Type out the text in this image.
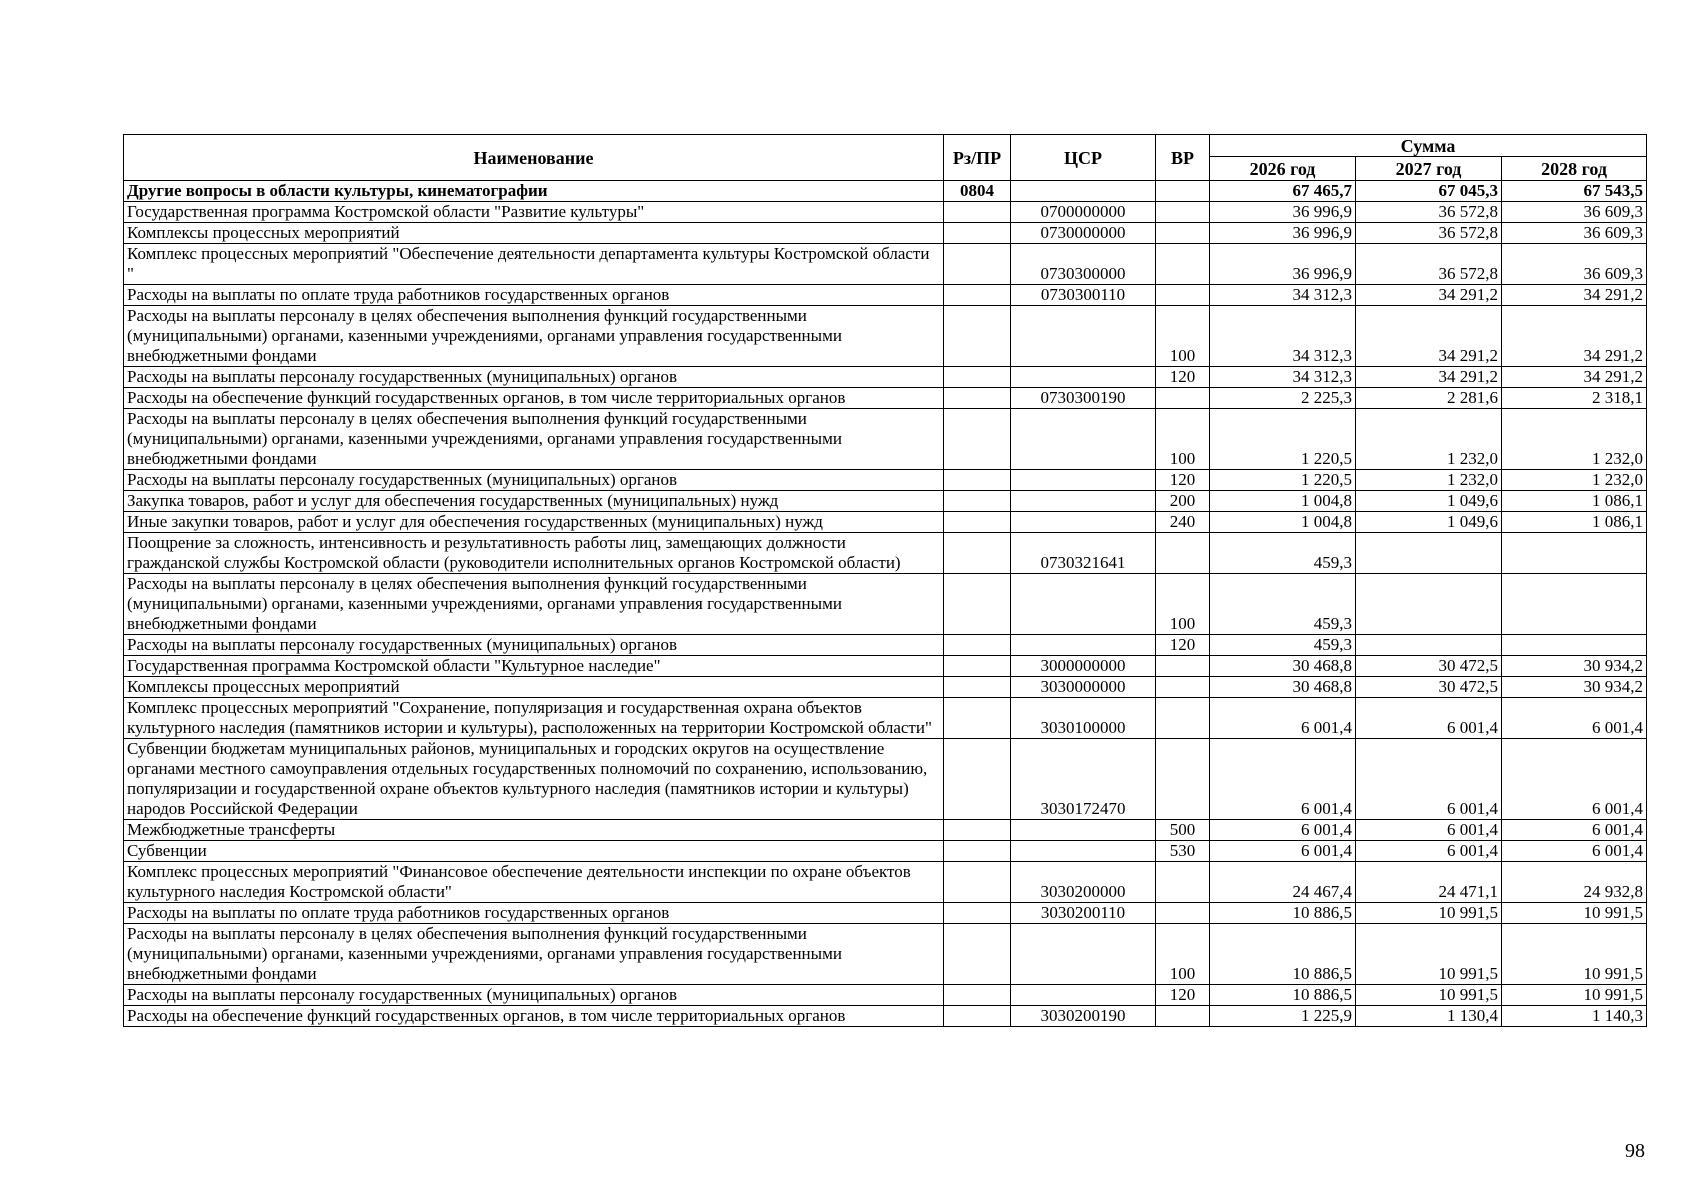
Наименование	Рз/ПР	ЦСР	ВР	Сумма		
				2026 год	2027 год	2028 год
Другие вопросы в области культуры, кинематографии	0804			67 465,7	67 045,3	67 543,5
Государственная программа Костромской области "Развитие культуры"		0700000000		36 996,9	36 572,8	36 609,3
Комплексы процессных мероприятий		0730000000		36 996,9	36 572,8	36 609,3
Комплекс процессных мероприятий "Обеспечение деятельности департамента культуры Костромской области "		0730300000		36 996,9	36 572,8	36 609,3
Расходы на выплаты по оплате труда работников государственных органов		0730300110		34 312,3	34 291,2	34 291,2
Расходы на выплаты персоналу в целях обеспечения выполнения функций государственными (муниципальными) органами, казенными учреждениями, органами управления государственными внебюджетными фондами			100	34 312,3	34 291,2	34 291,2
Расходы на выплаты персоналу государственных (муниципальных) органов			120	34 312,3	34 291,2	34 291,2
Расходы на обеспечение функций государственных органов, в том числе территориальных органов		0730300190		2 225,3	2 281,6	2 318,1
Расходы на выплаты персоналу в целях обеспечения выполнения функций государственными (муниципальными) органами, казенными учреждениями, органами управления государственными внебюджетными фондами			100	1 220,5	1 232,0	1 232,0
Расходы на выплаты персоналу государственных (муниципальных) органов			120	1 220,5	1 232,0	1 232,0
Закупка товаров, работ и услуг для обеспечения государственных (муниципальных) нужд			200	1 004,8	1 049,6	1 086,1
Иные закупки товаров, работ и услуг для обеспечения государственных (муниципальных) нужд			240	1 004,8	1 049,6	1 086,1
Поощрение за сложность, интенсивность и результативность работы лиц, замещающих должности гражданской службы Костромской области (руководители исполнительных органов Костромской области)		0730321641		459,3		
Расходы на выплаты персоналу в целях обеспечения выполнения функций государственными (муниципальными) органами, казенными учреждениями, органами управления государственными внебюджетными фондами			100	459,3		
Расходы на выплаты персоналу государственных (муниципальных) органов			120	459,3		
Государственная программа Костромской области "Культурное наследие"		3000000000		30 468,8	30 472,5	30 934,2
Комплексы процессных мероприятий		3030000000		30 468,8	30 472,5	30 934,2
Комплекс процессных мероприятий "Сохранение, популяризация и государственная охрана объектов культурного наследия (памятников истории и культуры), расположенных на территории Костромской области"		3030100000		6 001,4	6 001,4	6 001,4
Субвенции бюджетам муниципальных районов, муниципальных и городских округов на осуществление органами местного самоуправления отдельных государственных полномочий по сохранению, использованию, популяризации и государственной охране объектов культурного наследия (памятников истории и культуры) народов Российской Федерации		3030172470		6 001,4	6 001,4	6 001,4
Межбюджетные трансферты			500	6 001,4	6 001,4	6 001,4
Субвенции			530	6 001,4	6 001,4	6 001,4
Комплекс процессных мероприятий "Финансовое обеспечение деятельности инспекции по охране объектов культурного наследия Костромской области"		3030200000		24 467,4	24 471,1	24 932,8
Расходы на выплаты по оплате труда работников государственных органов		3030200110		10 886,5	10 991,5	10 991,5
Расходы на выплаты персоналу в целях обеспечения выполнения функций государственными (муниципальными) органами, казенными учреждениями, органами управления государственными внебюджетными фондами			100	10 886,5	10 991,5	10 991,5
Расходы на выплаты персоналу государственных (муниципальных) органов			120	10 886,5	10 991,5	10 991,5
Расходы на обеспечение функций государственных органов, в том числе территориальных органов		3030200190		1 225,9	1 130,4	1 140,3
98
